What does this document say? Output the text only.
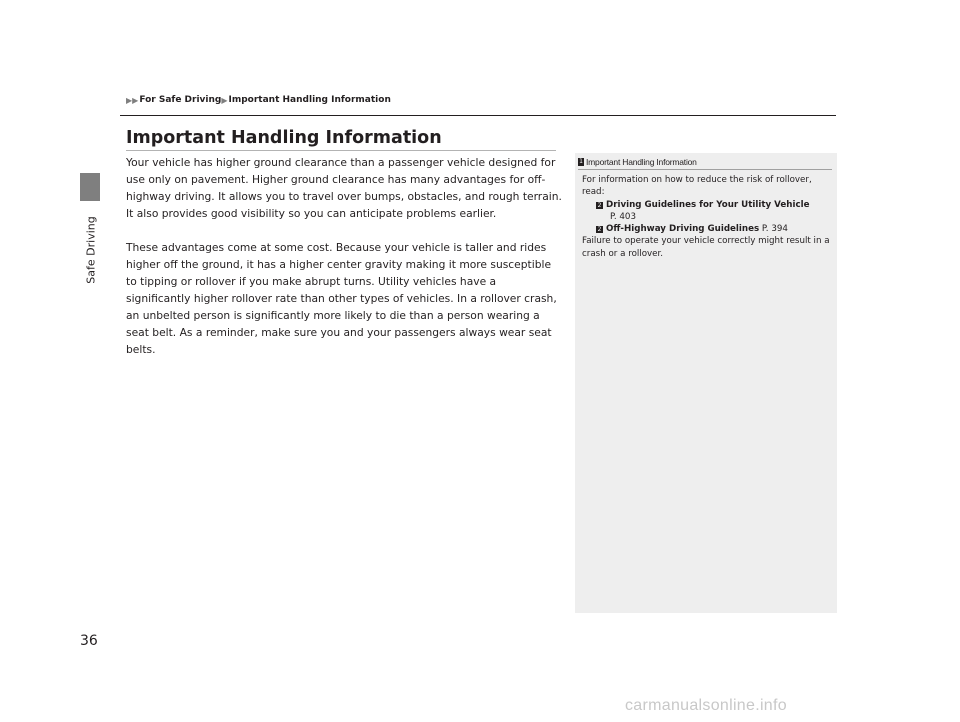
Safe Driving
▶▶ For Safe Driving ▶ Important Handling Information
Important Handling Information

Your vehicle has higher ground clearance than a passenger vehicle designed for use only on pavement. Higher ground clearance has many advantages for off-highway driving. It allows you to travel over bumps, obstacles, and rough terrain. It also provides good visibility so you can anticipate problems earlier.

These advantages come at some cost. Because your vehicle is taller and rides higher off the ground, it has a higher center gravity making it more susceptible to tipping or rollover if you make abrupt turns. Utility vehicles have a significantly higher rollover rate than other types of vehicles. In a rollover crash, an unbelted person is significantly more likely to die than a person wearing a seat belt. As a reminder, make sure you and your passengers always wear seat belts.

1 Important Handling Information
For information on how to reduce the risk of rollover, read:
2 Driving Guidelines for Your Utility Vehicle
P. 403
2 Off-Highway Driving Guidelines P. 394
Failure to operate your vehicle correctly might result in a crash or a rollover.
36
carmanualsonline.info
